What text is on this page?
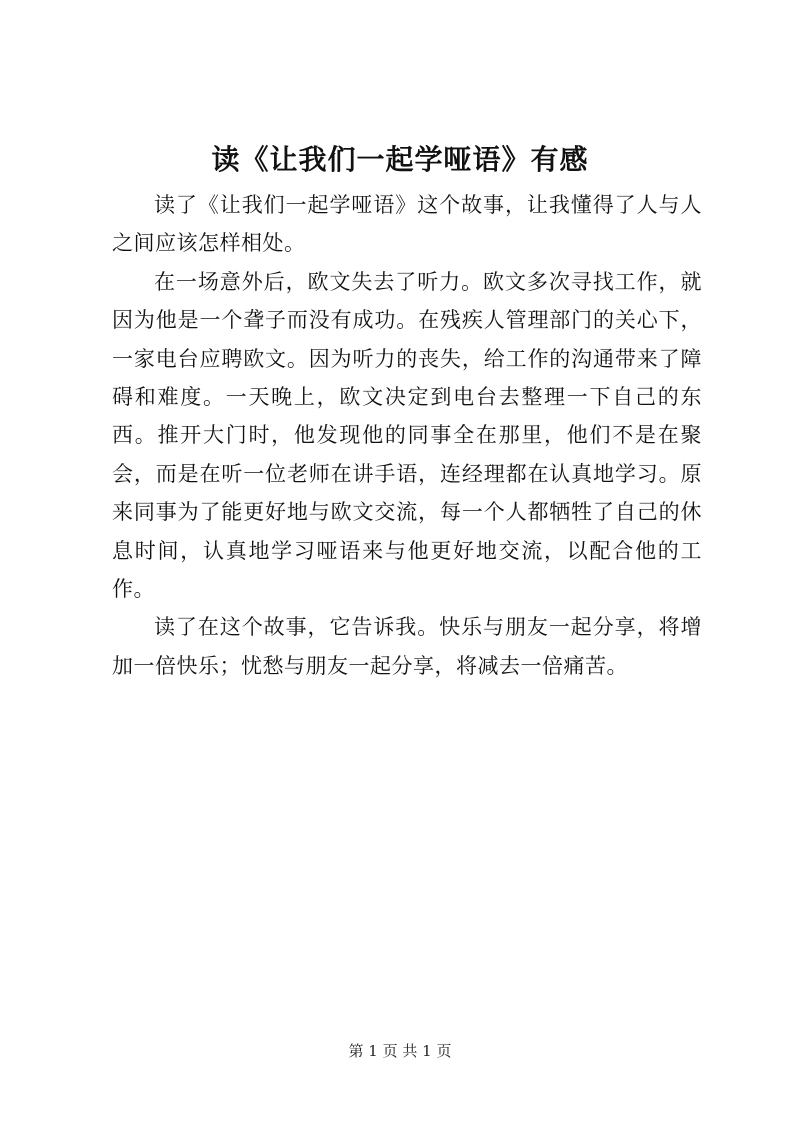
读《让我们一起学哑语》有感

读了《让我们一起学哑语》这个故事，让我懂得了人与人之间应该怎样相处。

在一场意外后，欧文失去了听力。欧文多次寻找工作，就因为他是一个聋子而没有成功。在残疾人管理部门的关心下，一家电台应聘欧文。因为听力的丧失，给工作的沟通带来了障碍和难度。一天晚上，欧文决定到电台去整理一下自己的东西。推开大门时，他发现他的同事全在那里，他们不是在聚会，而是在听一位老师在讲手语，连经理都在认真地学习。原来同事为了能更好地与欧文交流，每一个人都牺牲了自己的休息时间，认真地学习哑语来与他更好地交流，以配合他的工作。

读了在这个故事，它告诉我。快乐与朋友一起分享，将增加一倍快乐；忧愁与朋友一起分享，将减去一倍痛苦。

第 1 页 共 1 页
